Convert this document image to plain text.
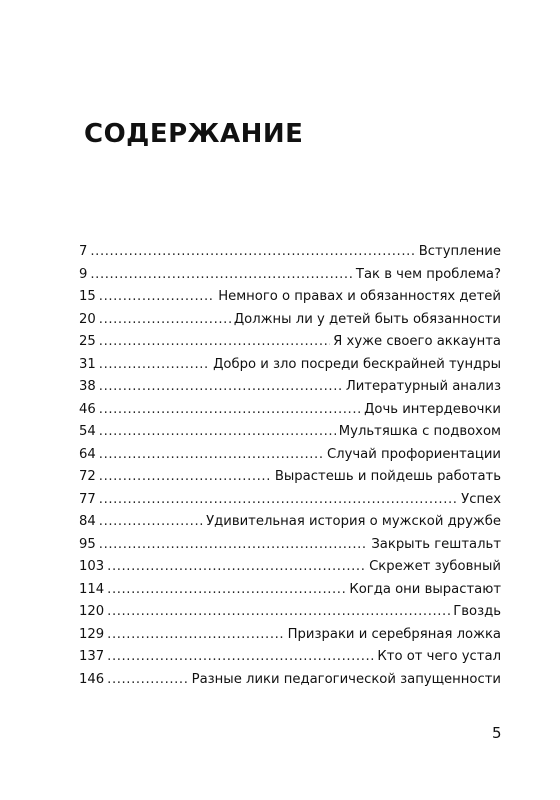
СОДЕРЖАНИЕ
7 . . .	Вступление
9 . . .	Так в чем проблема?
15 . . .	Немного о правах и обязанностях детей
20 . . .	Должны ли у детей быть обязанности
25 . . .	Я хуже своего аккаунта
31 . . .	Добро и зло посреди бескрайней тундры
38 . . .	Литературный анализ
46 . . .	Дочь интердевочки
54 . . .	Мультяшка с подвохом
64 . . .	Случай профориентации
72 . . .	Вырастешь и пойдешь работать
77 . . .	Успех
84 . . .	Удивительная история о мужской дружбе
95 . . .	Закрыть гештальт
103 . . .	Скрежет зубовный
114 . . .	Когда они вырастают
120 . . .	Гвоздь
129 . . .	Призраки и серебряная ложка
137 . . .	Кто от чего устал
146 . . .	Разные лики педагогической запущенности
5
